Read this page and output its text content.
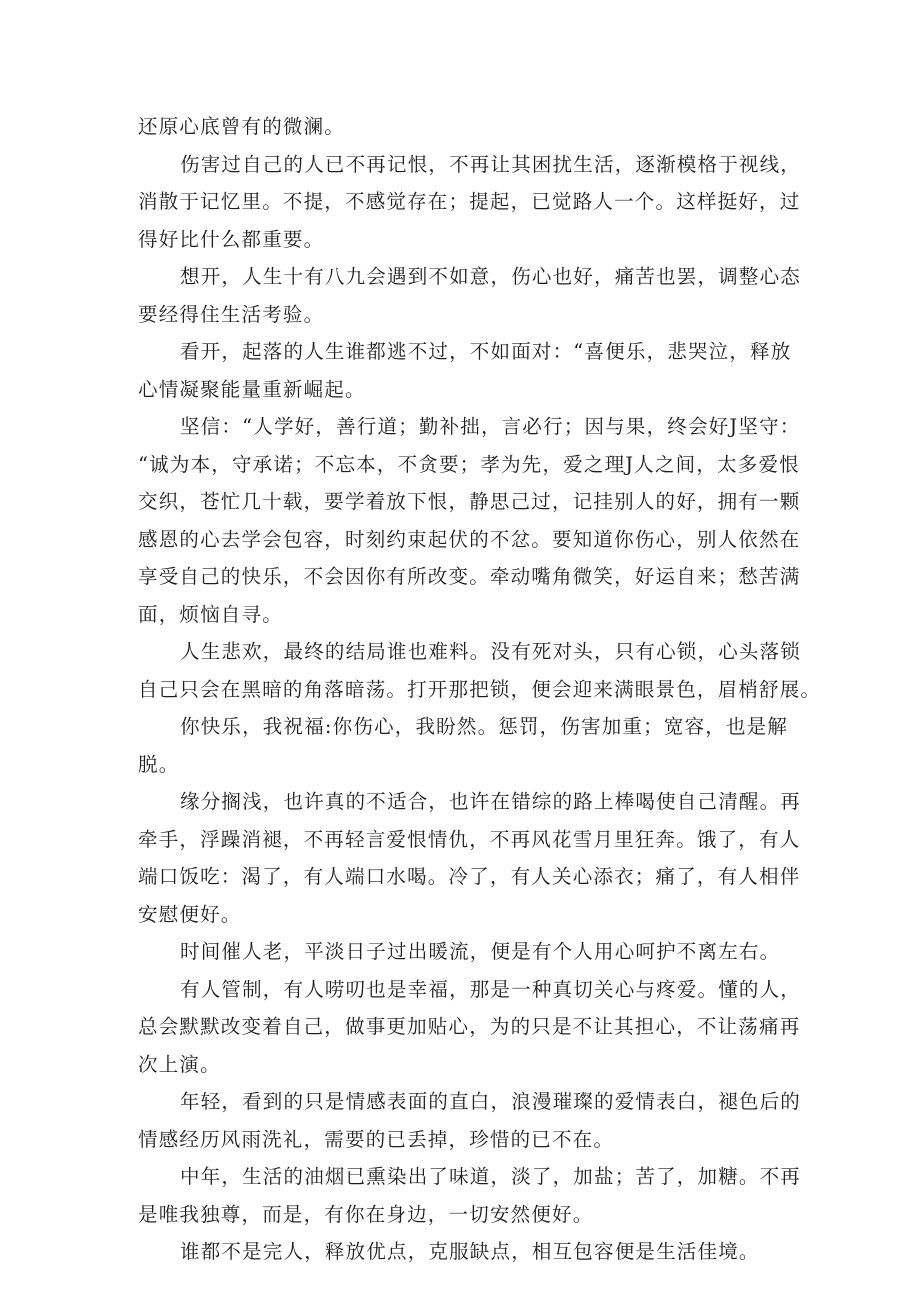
还原心底曾有的微澜。

伤害过自己的人已不再记恨，不再让其困扰生活，逐渐模格于视线，

消散于记忆里。不提，不感觉存在；提起，已觉路人一个。这样挺好，过

得好比什么都重要。

想开，人生十有八九会遇到不如意，伤心也好，痛苦也罢，调整心态

要经得住生活考验。

看开，起落的人生谁都逃不过，不如面对：“喜便乐，悲哭泣，释放

心情凝聚能量重新崛起。

坚信：“人学好，善行道；勤补拙，言必行；因与果，终会好J坚守：

“诚为本，守承诺；不忘本，不贪要；孝为先，爱之理J人之间，太多爱恨

交织，苍忙几十载，要学着放下恨，静思己过，记挂别人的好，拥有一颗

感恩的心去学会包容，时刻约束起伏的不忿。要知道你伤心，别人依然在

享受自己的快乐，不会因你有所改变。牵动嘴角微笑，好运自来；愁苦满

面，烦恼自寻。

人生悲欢，最终的结局谁也难料。没有死对头，只有心锁，心头落锁

自己只会在黑暗的角落暗荡。打开那把锁，便会迎来满眼景色，眉梢舒展。

你快乐，我祝福:你伤心，我盼然。惩罚，伤害加重；宽容，也是解

脱。

缘分搁浅，也许真的不适合，也许在错综的路上棒喝使自己清醒。再

牵手，浮躁消褪，不再轻言爱恨情仇，不再风花雪月里狂奔。饿了，有人

端口饭吃：渴了，有人端口水喝。冷了，有人关心添衣；痛了，有人相伴

安慰便好。

时间催人老，平淡日子过出暖流，便是有个人用心呵护不离左右。

有人管制，有人唠叨也是幸福，那是一种真切关心与疼爱。懂的人，

总会默默改变着自己，做事更加贴心，为的只是不让其担心，不让荡痛再

次上演。

年轻，看到的只是情感表面的直白，浪漫璀璨的爱情表白，褪色后的

情感经历风雨洗礼，需要的已丢掉，珍惜的已不在。

中年，生活的油烟已熏染出了味道，淡了，加盐；苦了，加糖。不再

是唯我独尊，而是，有你在身边，一切安然便好。

谁都不是完人，释放优点，克服缺点，相互包容便是生活佳境。
